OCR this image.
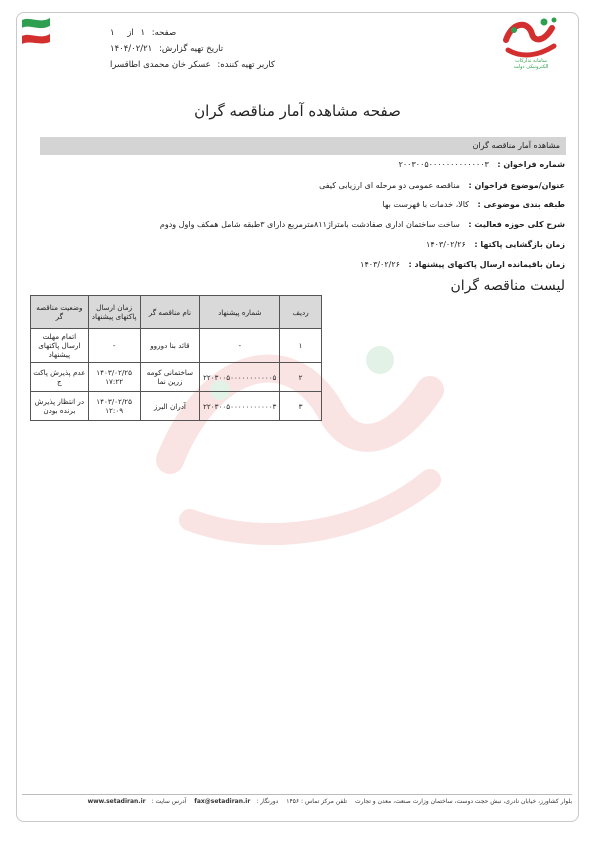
سامانه تدارکات الکترونیکی دولت
صفحه: ۱ از ۱
تاریخ تهیه گزارش: ۱۴۰۴/۰۲/۲۱
کاربر تهیه کننده: عسکر خان محمدی اطاقسرا
صفحه مشاهده آمار مناقصه گران
مشاهده آمار مناقصه گران
شماره فراخوان : ۲۰۰۳۰۰۵۰۰۰۰۰۰۰۰۰۰۰۰۰۳
عنوان/موضوع فراخوان : مناقصه عمومی دو مرحله ای ارزیابی کیفی
طبقه بندی موضوعی : کالا، خدمات با فهرست بها
شرح کلی حوزه فعالیت : ساخت ساختمان اداری صفادشت بامتراژ۸۱۱مترمربع دارای ۳طبقه شامل همکف واول ودوم
زمان بازگشایی پاکتها : ۱۴۰۳/۰۲/۲۶
زمان باقیمانده ارسال پاکتهای پیشنهاد : ۱۴۰۳/۰۲/۲۶
لیست مناقصه گران
ردیف	شماره پیشنهاد	نام مناقصه گر	زمان ارسال پاکتهای پیشنهاد	وضعیت مناقصه گر
۱	-	قائد بنا دوروو	-	اتمام مهلت ارسال پاکتهای پیشنهاد
۲	۲۲۰۳۰۰۵۰۰۰۰۰۰۰۰۰۰۰۵	ساختمانی کومه زرین نما	۱۴۰۳/۰۲/۲۵ ۱۷:۲۲	عدم پذیرش پاکت ج
۳	۲۲۰۳۰۰۵۰۰۰۰۰۰۰۰۰۰۰۳	آدران البرز	۱۴۰۳/۰۲/۲۵ ۱۲:۰۹	در انتظار پذیرش برنده بودن
بلوار کشاورز، خیابان نادری، نبش حجت دوست، ساختمان وزارت صنعت، معدن و تجارت تلفن مرکز تماس : ۱۴۵۶ دورنگار : fax@setadiran.ir آدرس سایت : www.setadiran.ir
